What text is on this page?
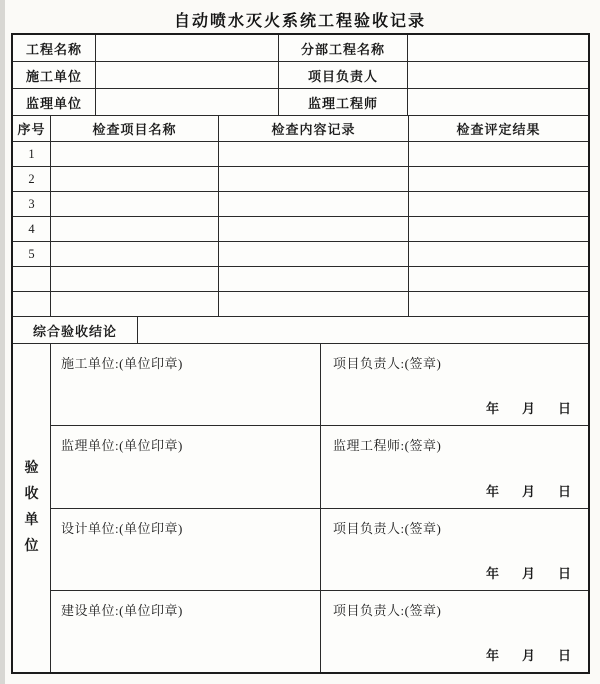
自动喷水灭火系统工程验收记录
工程名称	分部工程名称
施工单位	项目负责人
监理单位	监理工程师
序号	检查项目名称	检查内容记录	检查评定结果
1
2
3
4
5
综合验收结论
验收单位
施工单位:(单位印章)	项目负责人:(签章)
年　月　日
监理单位:(单位印章)	监理工程师:(签章)
年　月　日
设计单位:(单位印章)	项目负责人:(签章)
年　月　日
建设单位:(单位印章)	项目负责人:(签章)
年　月　日
